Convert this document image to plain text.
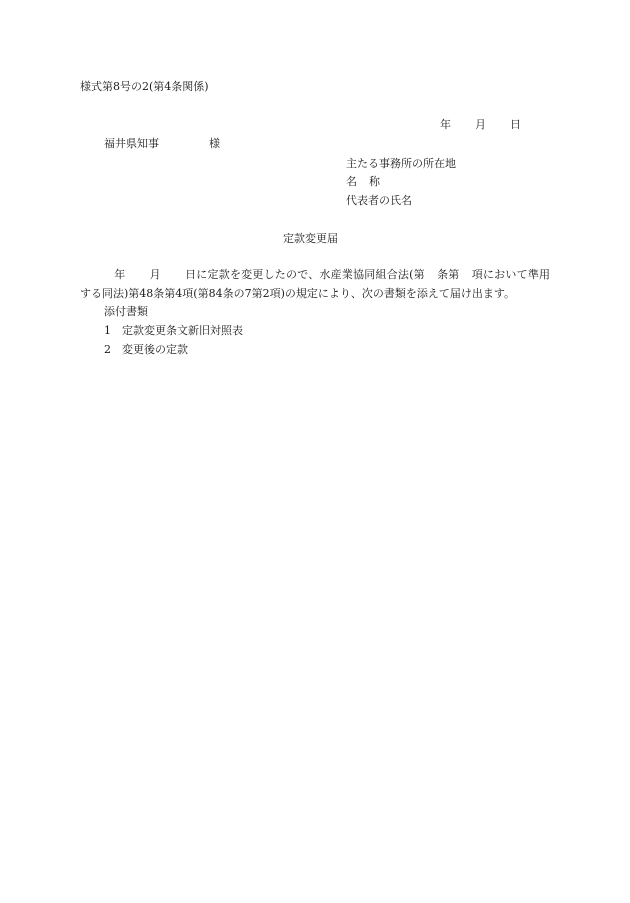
様式第8号の2(第4条関係)
年 月 日
福井県知事	様
主たる事務所の所在地
名 称
代表者の氏名
定款変更届
年 月 日に定款を変更したので、水産業協同組合法(第 条第 項において準用する同法)第48条第4項(第84条の7第2項)の規定により、次の書類を添えて届け出ます。
添付書類
1 定款変更条文新旧対照表
2 変更後の定款
